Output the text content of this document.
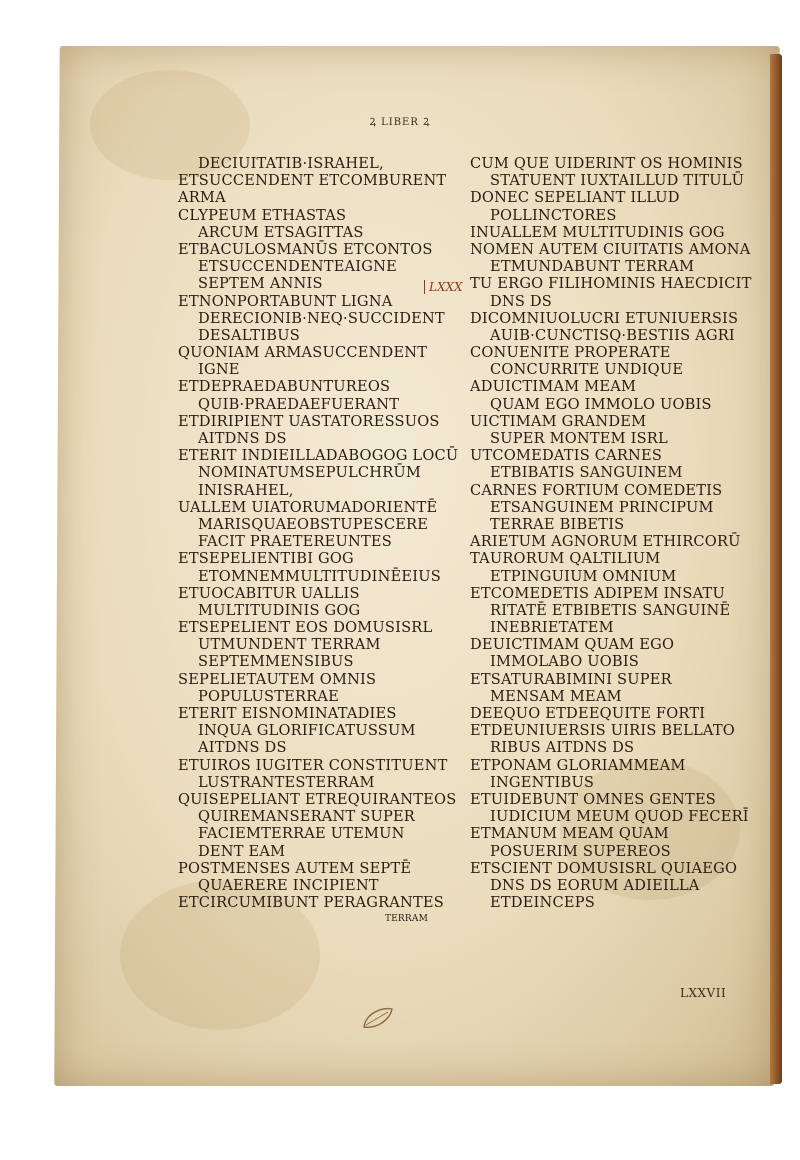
Ꝝ LIBER Ꝝ
DECIUITATIB·ISRAHEL,
ETSUCCENDENT ETCOMBURENT
ARMA
CLYPEUM ETHASTAS
ARCUM ETSAGITTAS
ETBACULOSMANŪS ETCONTOS
ETSUCCENDENTEAIGNE
SEPTEM ANNIS
ETNONPORTABUNT LIGNA
DERECIONIB·NEQ·SUCCIDENT
DESALTIBUS
QUONIAM ARMASUCCENDENT
IGNE
ETDEPRAEDABUNTUREOS
QUIB·PRAEDAEFUERANT
ETDIRIPIENT UASTATORESSUOS
AITDNS DS
ETERIT INDIEILLADABOGOG LOCŪ
NOMINATUMSEPULCHRŪM
INISRAHEL,
UALLEM UIATORUMADORIENTĒ
MARISQUAEOBSTUPESCERE
FACIT PRAETEREUNTES
ETSEPELIENTIBI GOG
ETOMNEMMULTITUDINĒEIUS
ETUOCABITUR UALLIS
MULTITUDINIS GOG
ETSEPELIENT EOS DOMUSISRL
UTMUNDENT TERRAM
SEPTEMMENSIBUS
SEPELIETAUTEM OMNIS
POPULUSTERRAE
ETERIT EISNOMINATADIES
INQUA GLORIFICATUSSUM
AITDNS DS
ETUIROS IUGITER CONSTITUENT
LUSTRANTESTERRAM
QUISEPELIANT ETREQUIRANTEOS
QUIREMANSERANT SUPER
FACIEMTERRAE UTEMUN
DENT EAM
POSTMENSES AUTEM SEPTĒ
QUAERERE INCIPIENT
ETCIRCUMIBUNT PERAGRANTES
TERRAM
CUM QUE UIDERINT OS HOMINIS
STATUENT IUXTAILLUD TITULŪ
DONEC SEPELIANT ILLUD
POLLINCTORES
INUALLEM MULTITUDINIS GOG
NOMEN AUTEM CIUITATIS AMONA
ETMUNDABUNT TERRAM
TU ERGO FILIHOMINIS HAECDICIT
DNS DS
DICOMNIUOLUCRI ETUNIUERSIS
AUIB·CUNCTISQ·BESTIIS AGRI
CONUENITE PROPERATE
CONCURRITE UNDIQUE
ADUICTIMAM MEAM
QUAM EGO IMMOLO UOBIS
UICTIMAM GRANDEM
SUPER MONTEM ISRL
UTCOMEDATIS CARNES
ETBIBATIS SANGUINEM
CARNES FORTIUM COMEDETIS
ETSANGUINEM PRINCIPUM
TERRAE BIBETIS
ARIETUM AGNORUM ETHIRCORŪ
TAURORUM QALTILIUM
ETPINGUIUM OMNIUM
ETCOMEDETIS ADIPEM INSATU
RITATĒ ETBIBETIS SANGUINĒ
INEBRIETATEM
DEUICTIMAM QUAM EGO
IMMOLABO UOBIS
ETSATURABIMINI SUPER
MENSAM MEAM
DEEQUO ETDEEQUITE FORTI
ETDEUNIUERSIS UIRIS BELLATO
RIBUS AITDNS DS
ETPONAM GLORIAMMEAM
INGENTIBUS
ETUIDEBUNT OMNES GENTES
IUDICIUM MEUM QUOD FECERĪ
ETMANUM MEAM QUAM
POSUERIM SUPEREOS
ETSCIENT DOMUSISRL QUIAEGO
DNS DS EORUM ADIEILLA
ETDEINCEPS
LXXX
LXXVII
